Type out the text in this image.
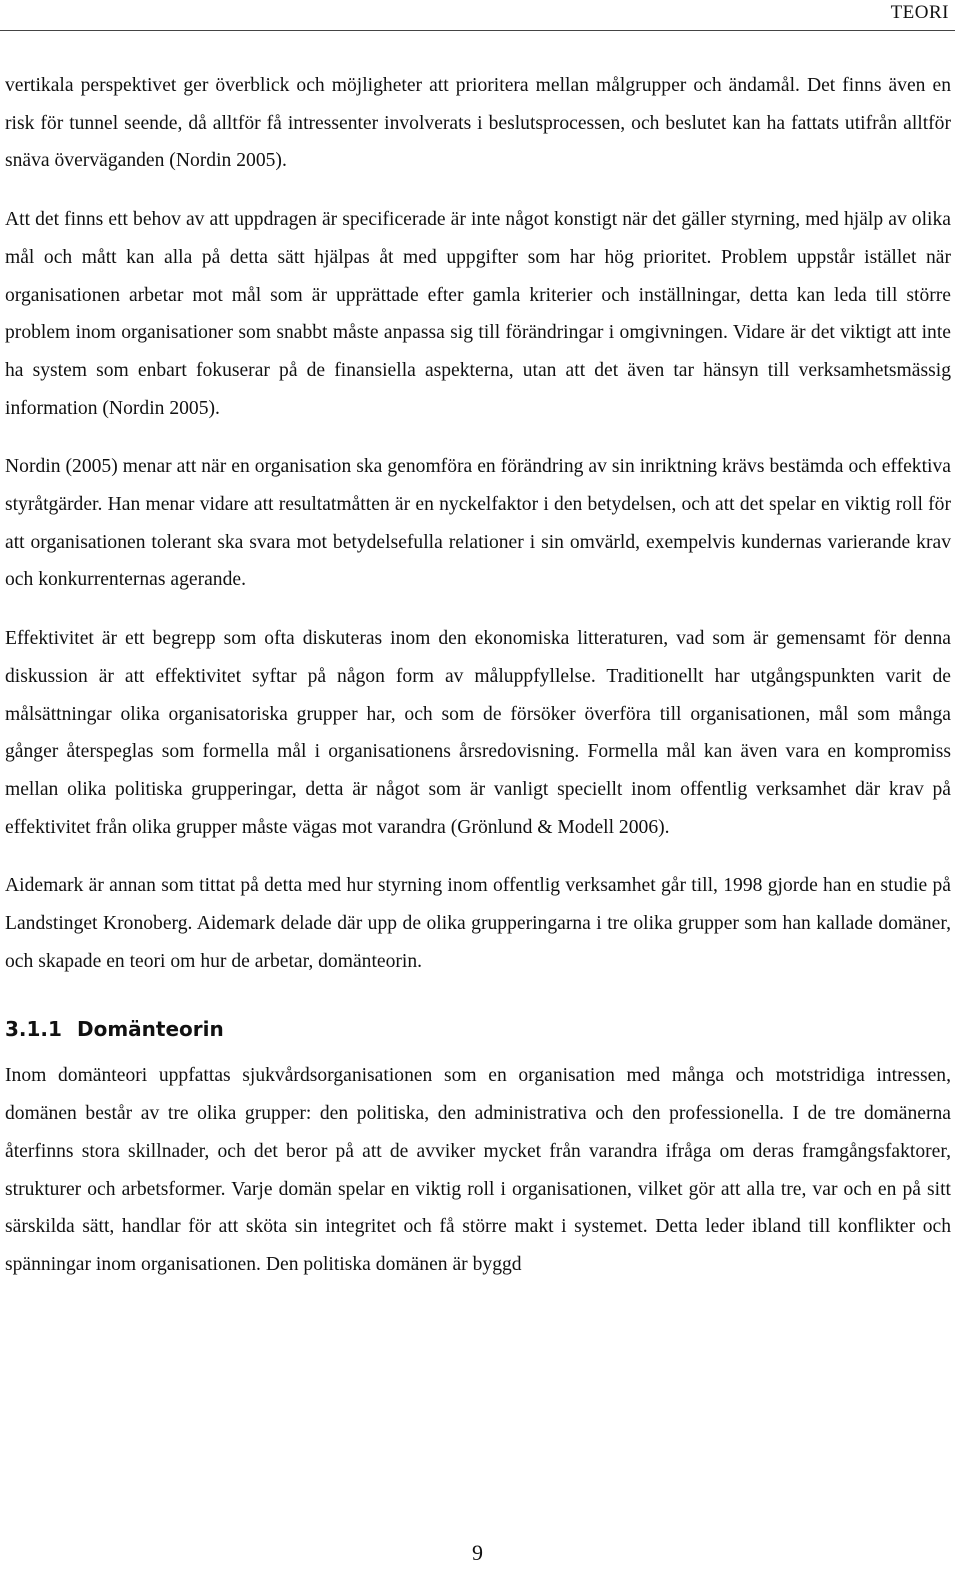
TEORI

vertikala perspektivet ger överblick och möjligheter att prioritera mellan målgrupper och ändamål. Det finns även en risk för tunnel seende, då alltför få intressenter involverats i beslutsprocessen, och beslutet kan ha fattats utifrån alltför snäva överväganden (Nordin 2005).

Att det finns ett behov av att uppdragen är specificerade är inte något konstigt när det gäller styrning, med hjälp av olika mål och mått kan alla på detta sätt hjälpas åt med uppgifter som har hög prioritet. Problem uppstår istället när organisationen arbetar mot mål som är upprättade efter gamla kriterier och inställningar, detta kan leda till större problem inom organisationer som snabbt måste anpassa sig till förändringar i omgivningen. Vidare är det viktigt att inte ha system som enbart fokuserar på de finansiella aspekterna, utan att det även tar hänsyn till verksamhetsmässig information (Nordin 2005).

Nordin (2005) menar att när en organisation ska genomföra en förändring av sin inriktning krävs bestämda och effektiva styråtgärder. Han menar vidare att resultatmåtten är en nyckelfaktor i den betydelsen, och att det spelar en viktig roll för att organisationen tolerant ska svara mot betydelsefulla relationer i sin omvärld, exempelvis kundernas varierande krav och konkurrenternas agerande.

Effektivitet är ett begrepp som ofta diskuteras inom den ekonomiska litteraturen, vad som är gemensamt för denna diskussion är att effektivitet syftar på någon form av måluppfyllelse. Traditionellt har utgångspunkten varit de målsättningar olika organisatoriska grupper har, och som de försöker överföra till organisationen, mål som många gånger återspeglas som formella mål i organisationens årsredovisning. Formella mål kan även vara en kompromiss mellan olika politiska grupperingar, detta är något som är vanligt speciellt inom offentlig verksamhet där krav på effektivitet från olika grupper måste vägas mot varandra (Grönlund & Modell 2006).

Aidemark är annan som tittat på detta med hur styrning inom offentlig verksamhet går till, 1998 gjorde han en studie på Landstinget Kronoberg. Aidemark delade där upp de olika grupperingarna i tre olika grupper som han kallade domäner, och skapade en teori om hur de arbetar, domänteorin.

3.1.1 Domänteorin

Inom domänteori uppfattas sjukvårdsorganisationen som en organisation med många och motstridiga intressen, domänen består av tre olika grupper: den politiska, den administrativa och den professionella. I de tre domänerna återfinns stora skillnader, och det beror på att de avviker mycket från varandra ifråga om deras framgångsfaktorer, strukturer och arbetsformer. Varje domän spelar en viktig roll i organisationen, vilket gör att alla tre, var och en på sitt särskilda sätt, handlar för att sköta sin integritet och få större makt i systemet. Detta leder ibland till konflikter och spänningar inom organisationen. Den politiska domänen är byggd

9
